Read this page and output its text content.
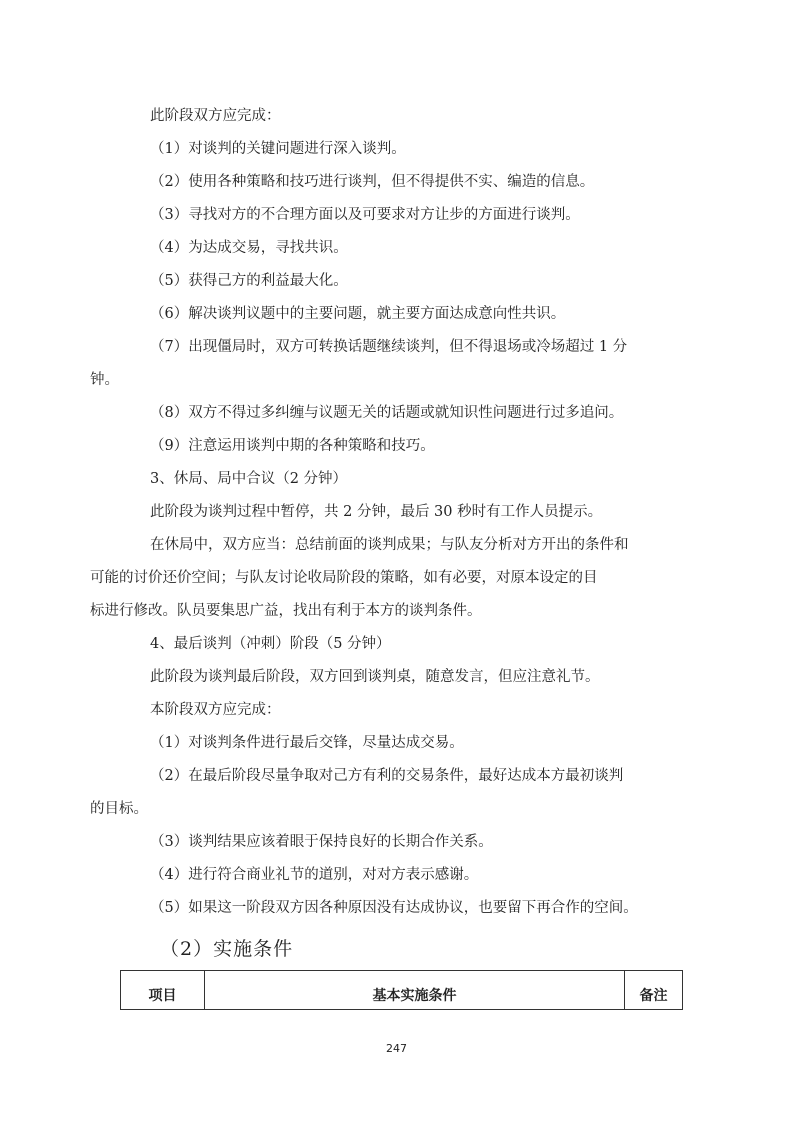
此阶段双方应完成：
（1）对谈判的关键问题进行深入谈判。
（2）使用各种策略和技巧进行谈判，但不得提供不实、编造的信息。
（3）寻找对方的不合理方面以及可要求对方让步的方面进行谈判。
（4）为达成交易，寻找共识。
（5）获得己方的利益最大化。
（6）解决谈判议题中的主要问题，就主要方面达成意向性共识。
（7）出现僵局时，双方可转换话题继续谈判，但不得退场或冷场超过 1 分
钟。
（8）双方不得过多纠缠与议题无关的话题或就知识性问题进行过多追问。
（9）注意运用谈判中期的各种策略和技巧。
3、休局、局中合议（2 分钟）
此阶段为谈判过程中暂停，共 2 分钟，最后 30 秒时有工作人员提示。
在休局中，双方应当：总结前面的谈判成果；与队友分析对方开出的条件和
可能的讨价还价空间；与队友讨论收局阶段的策略，如有必要，对原本设定的目
标进行修改。队员要集思广益，找出有利于本方的谈判条件。
4、最后谈判（冲刺）阶段（5 分钟）
此阶段为谈判最后阶段，双方回到谈判桌，随意发言，但应注意礼节。
本阶段双方应完成：
（1）对谈判条件进行最后交锋，尽量达成交易。
（2）在最后阶段尽量争取对己方有利的交易条件，最好达成本方最初谈判
的目标。
（3）谈判结果应该着眼于保持良好的长期合作关系。
（4）进行符合商业礼节的道别，对对方表示感谢。
（5）如果这一阶段双方因各种原因没有达成协议，也要留下再合作的空间。
（2）实施条件
项目	基本实施条件	备注
247
